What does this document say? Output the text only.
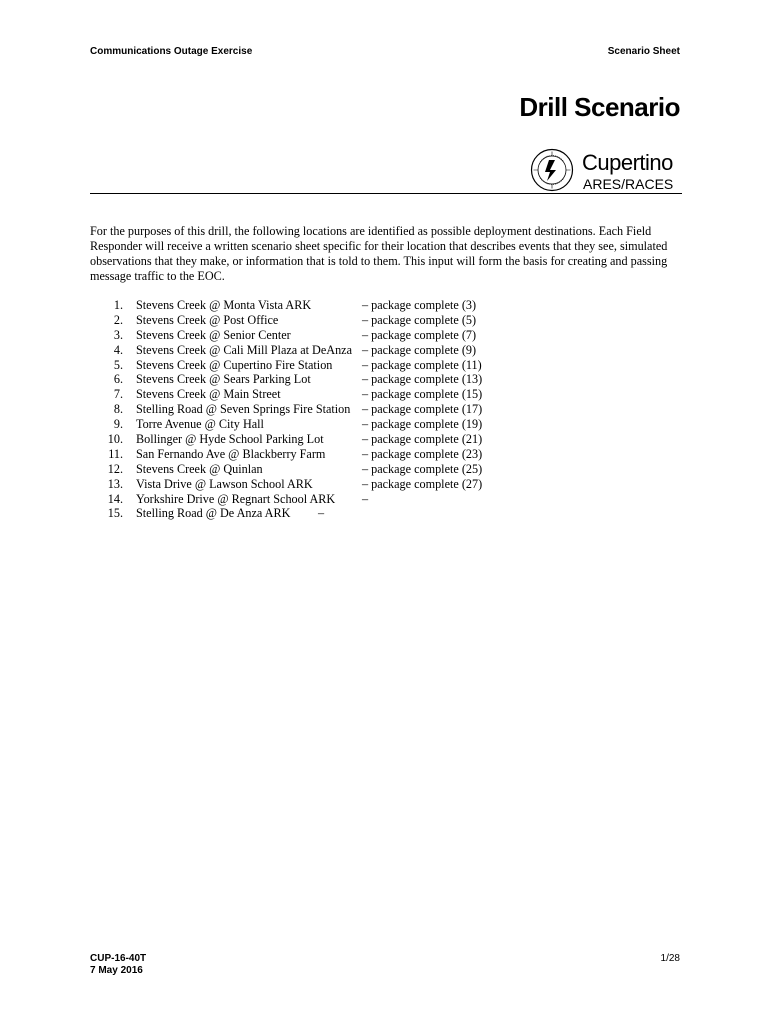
Communications Outage Exercise	Scenario Sheet
Drill Scenario
Cupertino
ARES/RACES

For the purposes of this drill, the following locations are identified as possible deployment destinations. Each Field Responder will receive a written scenario sheet specific for their location that describes events that they see, simulated observations that they make, or information that is told to them. This input will form the basis for creating and passing message traffic to the EOC.

1. Stevens Creek @ Monta Vista ARK	– package complete (3)
2. Stevens Creek @ Post Office	– package complete (5)
3. Stevens Creek @ Senior Center	– package complete (7)
4. Stevens Creek @ Cali Mill Plaza at DeAnza – package complete (9)
5. Stevens Creek @ Cupertino Fire Station – package complete (11)
6. Stevens Creek @ Sears Parking Lot	– package complete (13)
7. Stevens Creek @ Main Street	– package complete (15)
8. Stelling Road @ Seven Springs Fire Station – package complete (17)
9. Torre Avenue @ City Hall	– package complete (19)
10. Bollinger @ Hyde School Parking Lot	– package complete (21)
11. San Fernando Ave @ Blackberry Farm	– package complete (23)
12. Stevens Creek @ Quinlan	– package complete (25)
13. Vista Drive @ Lawson School ARK	– package complete (27)
14. Yorkshire Drive @ Regnart School ARK –
15. Stelling Road @ De Anza ARK –
CUP-16-40T
7 May 2016
1/28
